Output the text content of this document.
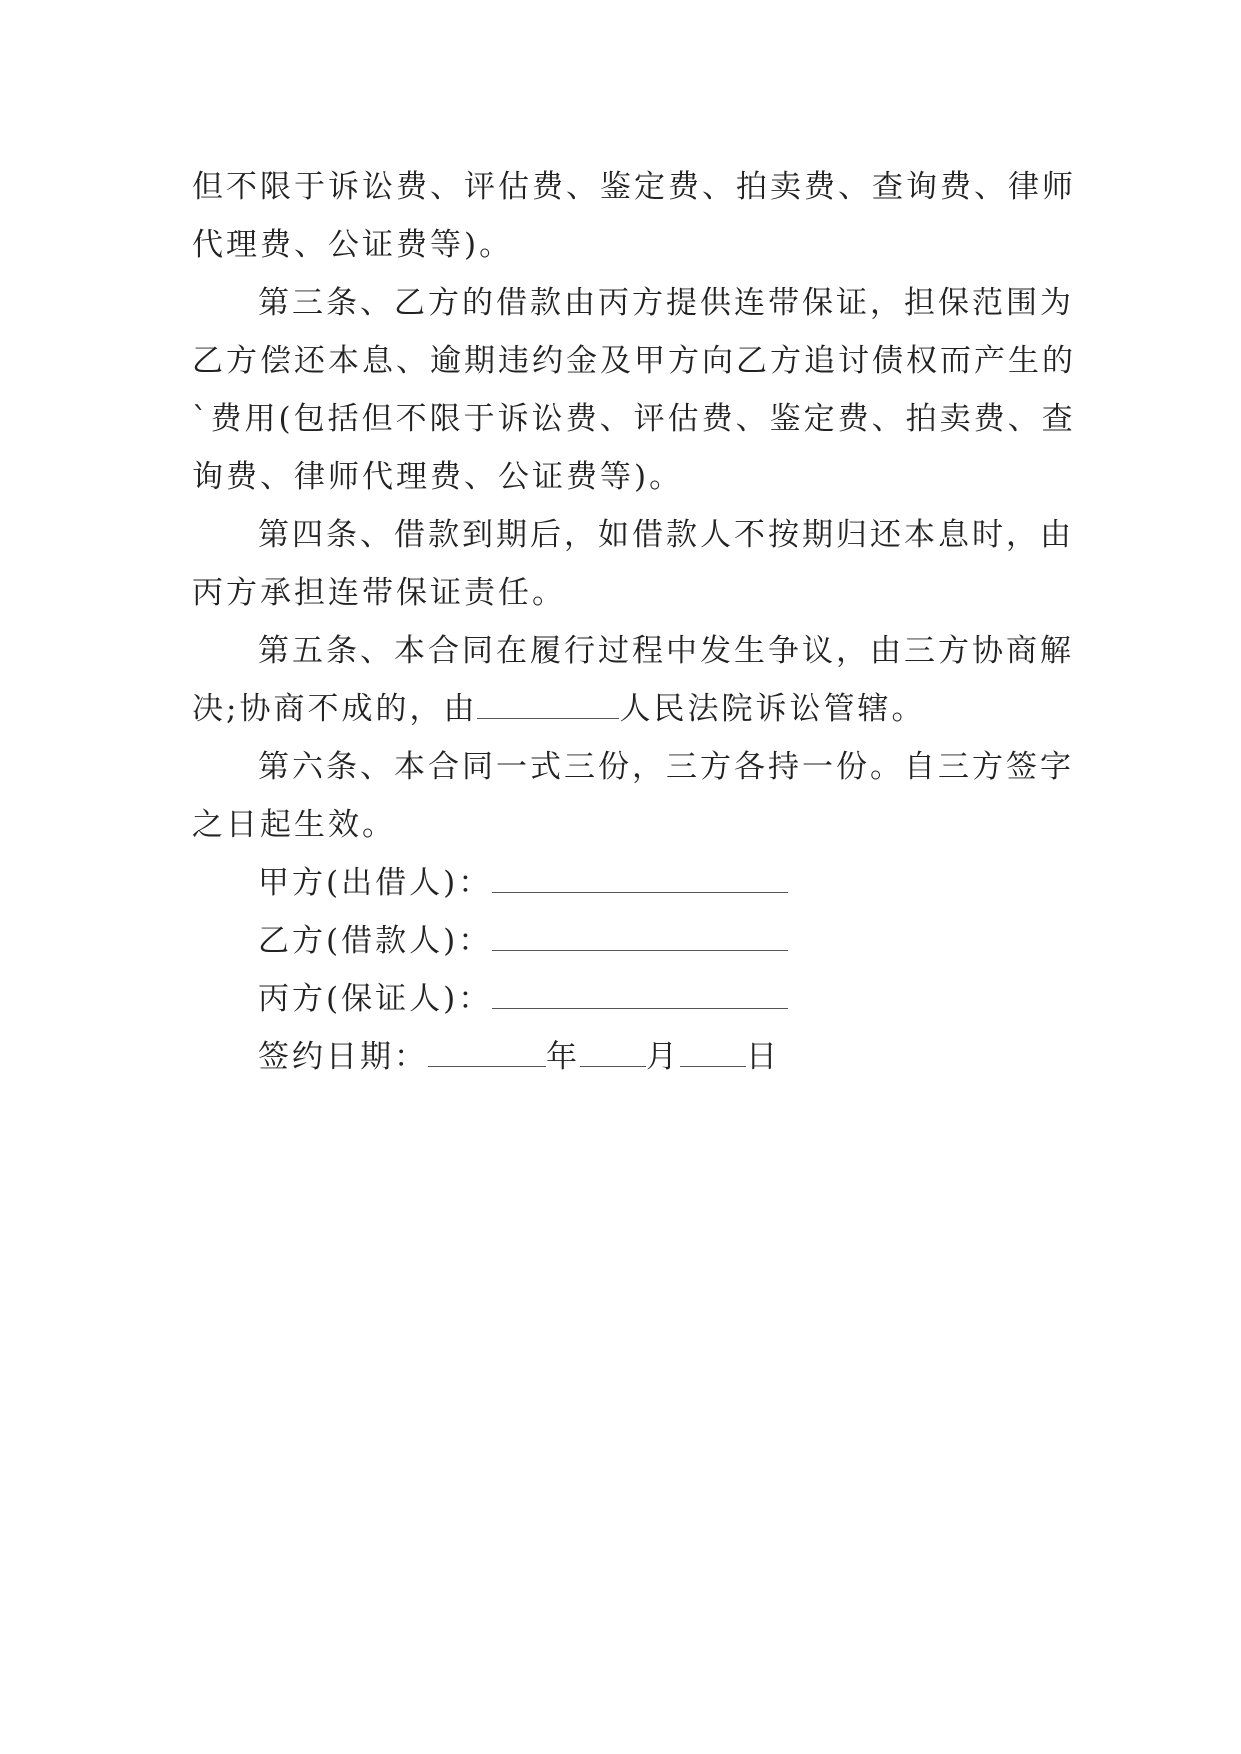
但不限于诉讼费、评估费、鉴定费、拍卖费、查询费、律师
代理费、公证费等)。
第三条、乙方的借款由丙方提供连带保证，担保范围为
乙方偿还本息、逾期违约金及甲方向乙方追讨债权而产生的
`费用(包括但不限于诉讼费、评估费、鉴定费、拍卖费、查
询费、律师代理费、公证费等)。
第四条、借款到期后，如借款人不按期归还本息时，由
丙方承担连带保证责任。
第五条、本合同在履行过程中发生争议，由三方协商解
决;协商不成的，由	人民法院诉讼管辖。
第六条、本合同一式三份，三方各持一份。自三方签字
之日起生效。
甲方(出借人)：
乙方(借款人)：
丙方(保证人)：
签约日期：	年 月 日
